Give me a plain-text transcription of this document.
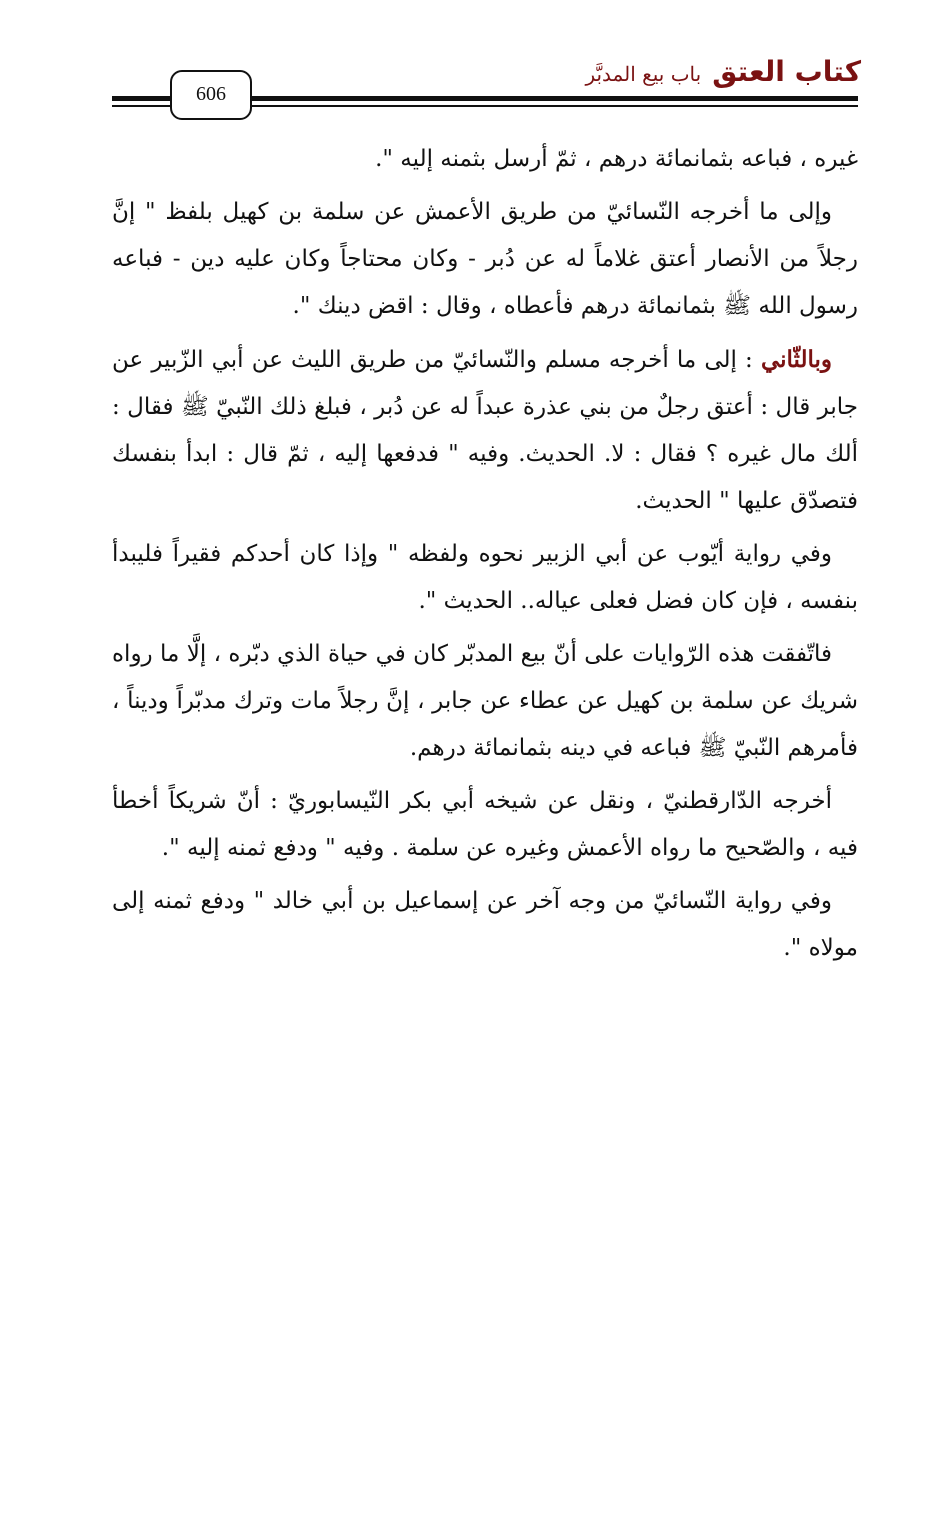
كتاب العتق باب بيع المدبَّر
606

غيره ، فباعه بثمانمائة درهم ، ثمّ أرسل بثمنه إليه ".

وإلى ما أخرجه النّسائيّ من طريق الأعمش عن سلمة بن كهيل بلفظ " إنَّ رجلاً من الأنصار أعتق غلاماً له عن دُبر - وكان محتاجاً وكان عليه دين - فباعه رسول الله ﷺ بثمانمائة درهم فأعطاه ، وقال : اقض دينك ".

وبالثّاني : إلى ما أخرجه مسلم والنّسائيّ من طريق الليث عن أبي الزّبير عن جابر قال : أعتق رجلٌ من بني عذرة عبداً له عن دُبر ، فبلغ ذلك النّبيّ ﷺ فقال : ألك مال غيره ؟ فقال : لا. الحديث. وفيه " فدفعها إليه ، ثمّ قال : ابدأ بنفسك فتصدّق عليها " الحديث.

وفي رواية أيّوب عن أبي الزبير نحوه ولفظه " وإذا كان أحدكم فقيراً فليبدأ بنفسه ، فإن كان فضل فعلى عياله.. الحديث ".

فاتّفقت هذه الرّوايات على أنّ بيع المدبّر كان في حياة الذي دبّره ، إلَّا ما رواه شريك عن سلمة بن كهيل عن عطاء عن جابر ، إنَّ رجلاً مات وترك مدبّراً وديناً ، فأمرهم النّبيّ ﷺ فباعه في دينه بثمانمائة درهم.

أخرجه الدّارقطنيّ ، ونقل عن شيخه أبي بكر النّيسابوريّ : أنّ شريكاً أخطأ فيه ، والصّحيح ما رواه الأعمش وغيره عن سلمة . وفيه " ودفع ثمنه إليه ".

وفي رواية النّسائيّ من وجه آخر عن إسماعيل بن أبي خالد " ودفع ثمنه إلى مولاه ".
